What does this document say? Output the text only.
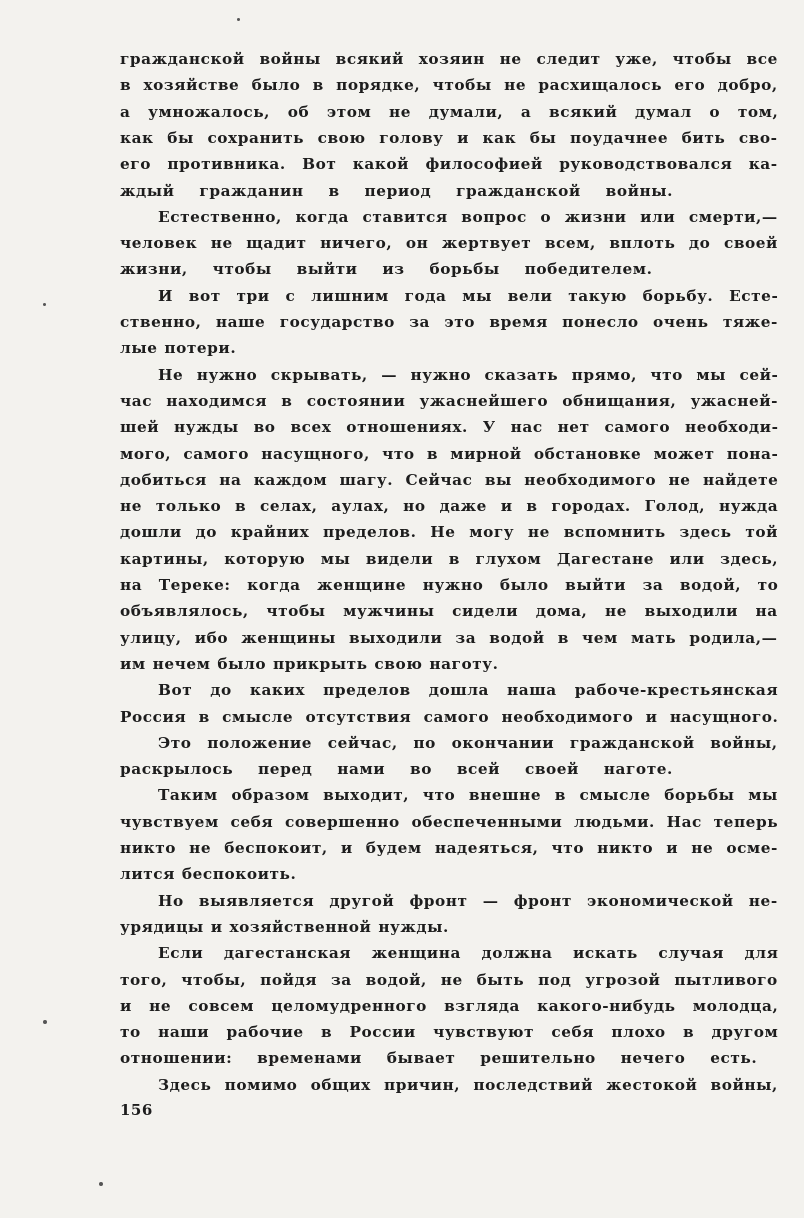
гражданской войны всякий хозяин не следит уже, чтобы все
в хозяйстве было в порядке, чтобы не расхищалось его добро,
а умножалось, об этом не думали, а всякий думал о том,
как бы сохранить свою голову и как бы поудачнее бить сво-
его противника. Вот какой философией руководствовался ка-
ждый гражданин в период гражданской войны.
Естественно, когда ставится вопрос о жизни или смерти,—
человек не щадит ничего, он жертвует всем, вплоть до своей
жизни, чтобы выйти из борьбы победителем.
И вот три с лишним года мы вели такую борьбу. Есте-
ственно, наше государство за это время понесло очень тяже-
лые потери.
Не нужно скрывать, — нужно сказать прямо, что мы сей-
час находимся в состоянии ужаснейшего обнищания, ужасней-
шей нужды во всех отношениях. У нас нет самого необходи-
мого, самого насущного, что в мирной обстановке может пона-
добиться на каждом шагу. Сейчас вы необходимого не найдете
не только в селах, аулах, но даже и в городах. Голод, нужда
дошли до крайних пределов. Не могу не вспомнить здесь той
картины, которую мы видели в глухом Дагестане или здесь,
на Тереке: когда женщине нужно было выйти за водой, то
объявлялось, чтобы мужчины сидели дома, не выходили на
улицу, ибо женщины выходили за водой в чем мать родила,—
им нечем было прикрыть свою наготу.
Вот до каких пределов дошла наша рабоче-крестьянская
Россия в смысле отсутствия самого необходимого и насущного.
Это положение сейчас, по окончании гражданской войны,
раскрылось перед нами во всей своей наготе.
Таким образом выходит, что внешне в смысле борьбы мы
чувствуем себя совершенно обеспеченными людьми. Нас теперь
никто не беспокоит, и будем надеяться, что никто и не осме-
лится беспокоить.
Но выявляется другой фронт — фронт экономической не-
урядицы и хозяйственной нужды.
Если дагестанская женщина должна искать случая для
того, чтобы, пойдя за водой, не быть под угрозой пытливого
и не совсем целомудренного взгляда какого-нибудь молодца,
то наши рабочие в России чувствуют себя плохо в другом
отношении: временами бывает решительно нечего есть.
Здесь помимо общих причин, последствий жестокой войны,
156
